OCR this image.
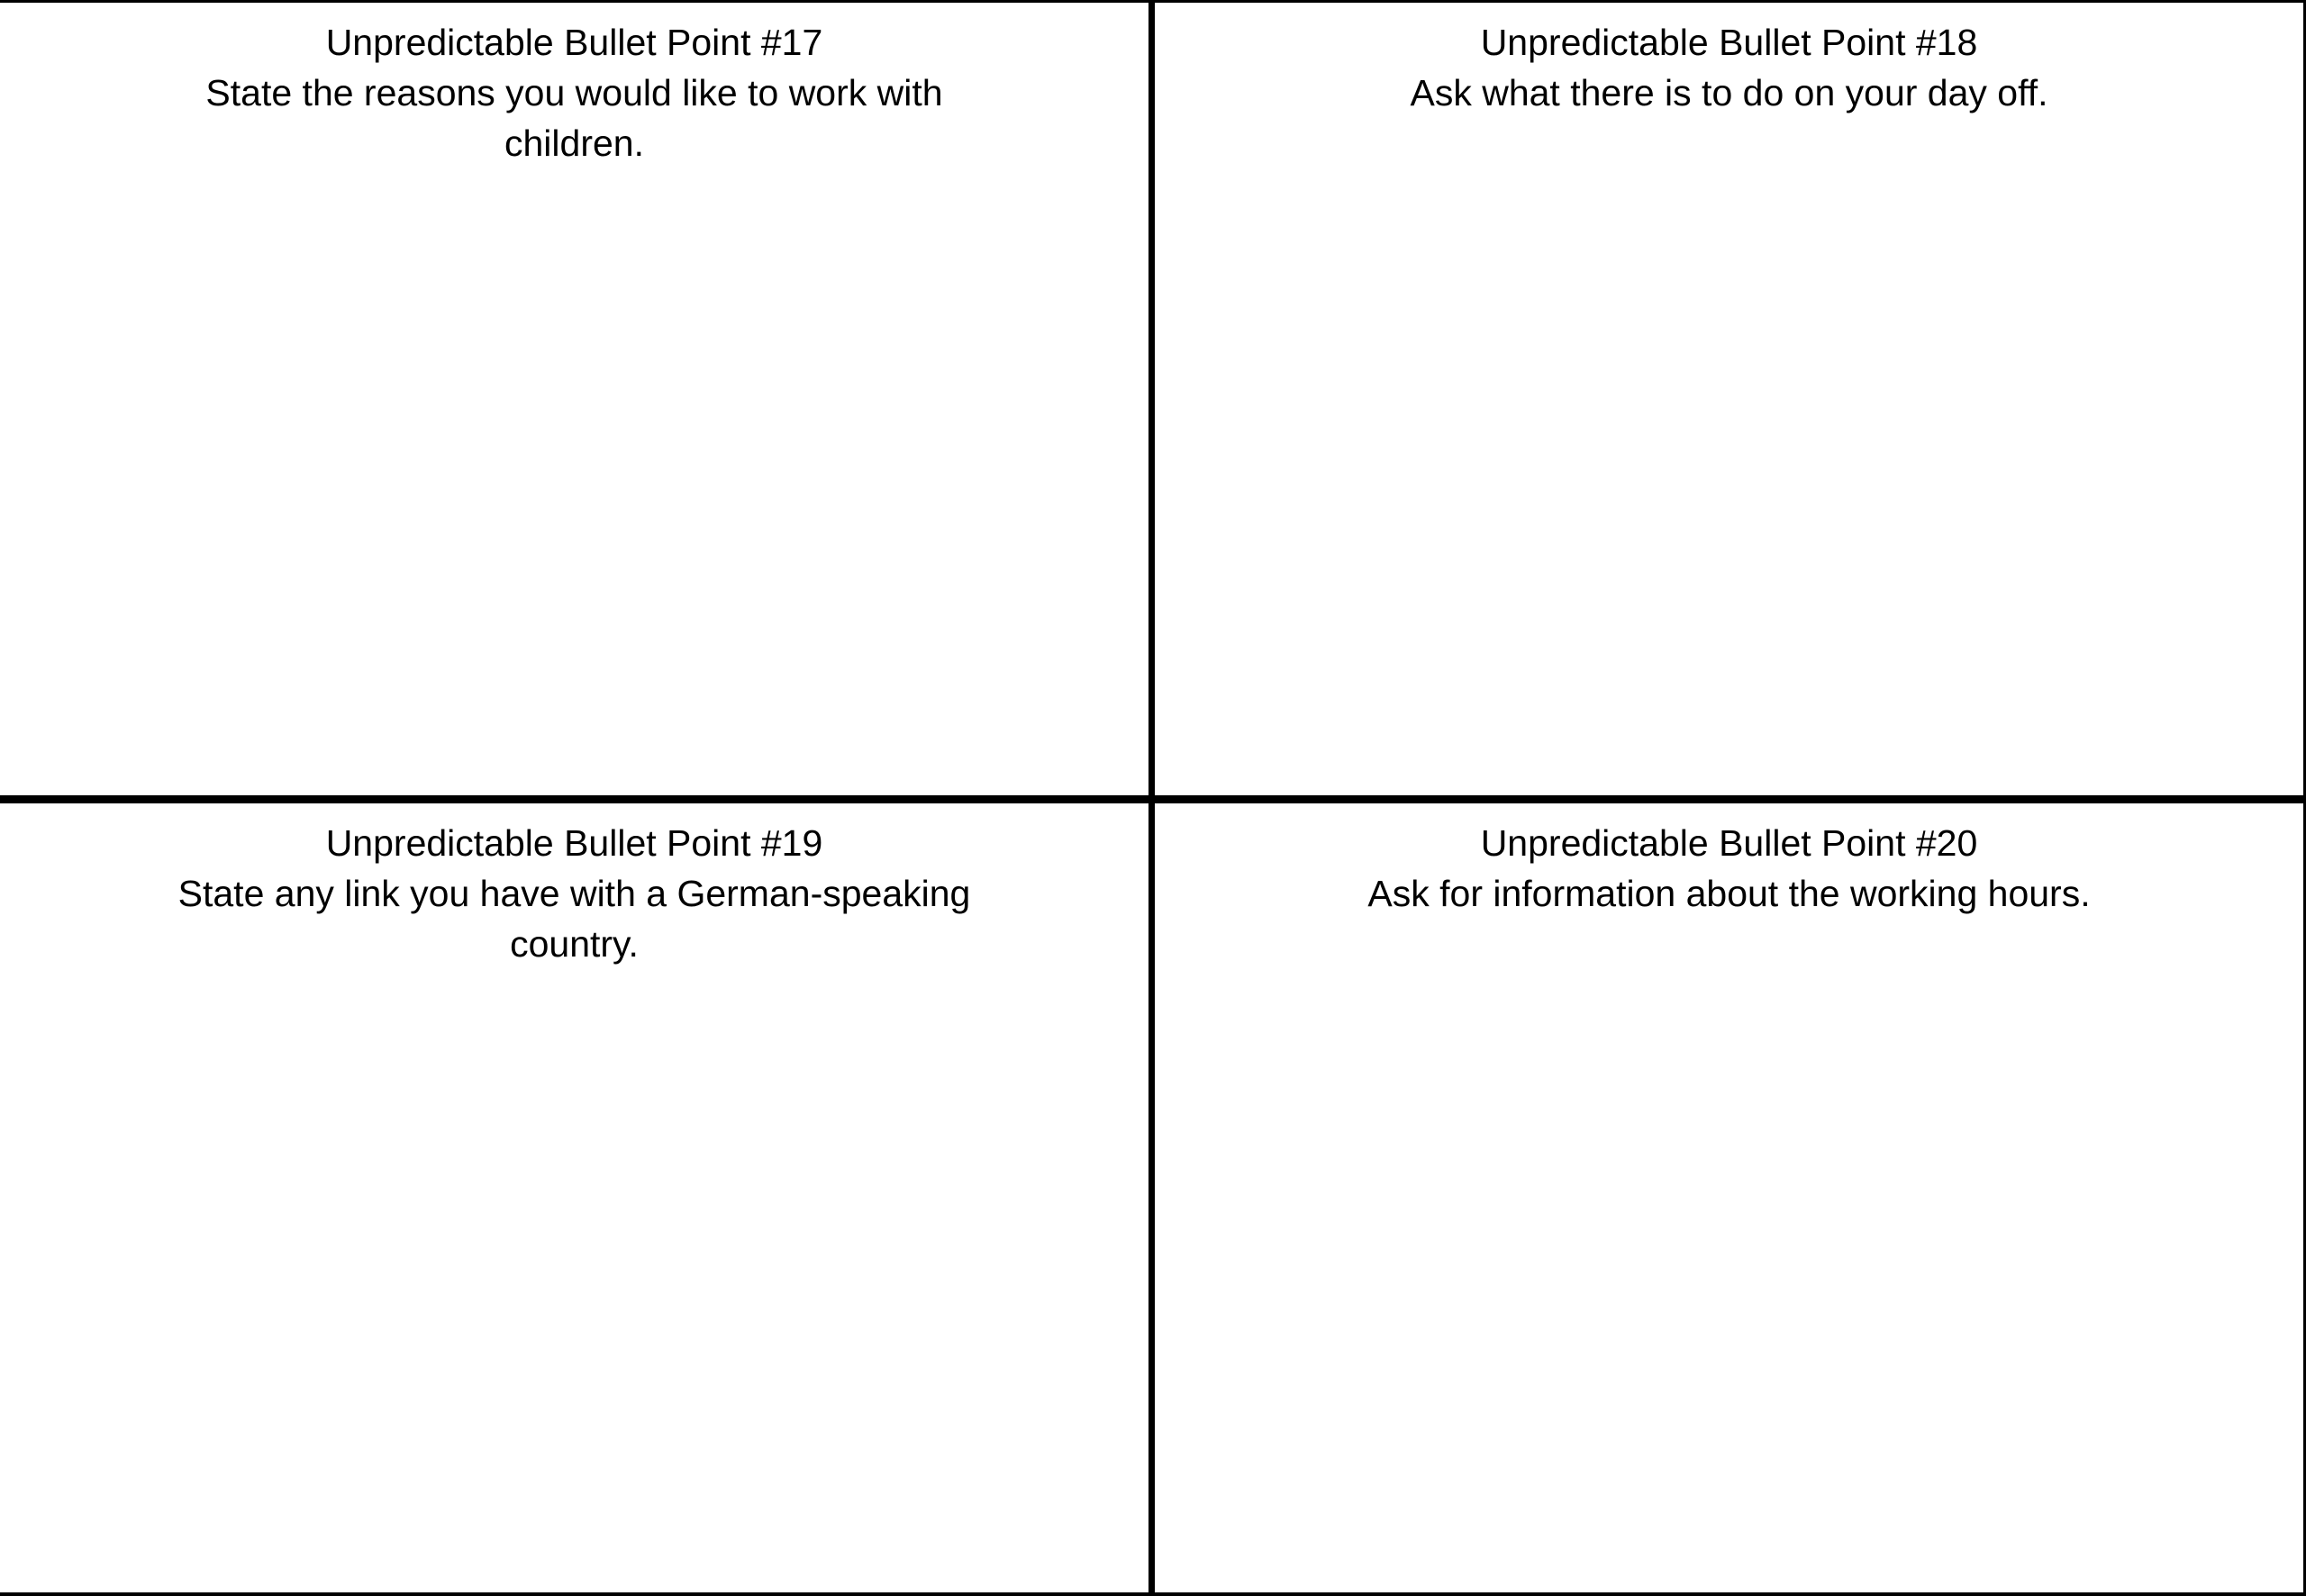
Unpredictable Bullet Point #17
State the reasons you would like to work with children.
Unpredictable Bullet Point #18
Ask what there is to do on your day off.
Unpredictable Bullet Point #19
State any link you have with a German-speaking country.
Unpredictable Bullet Point #20
Ask for information about the working hours.
